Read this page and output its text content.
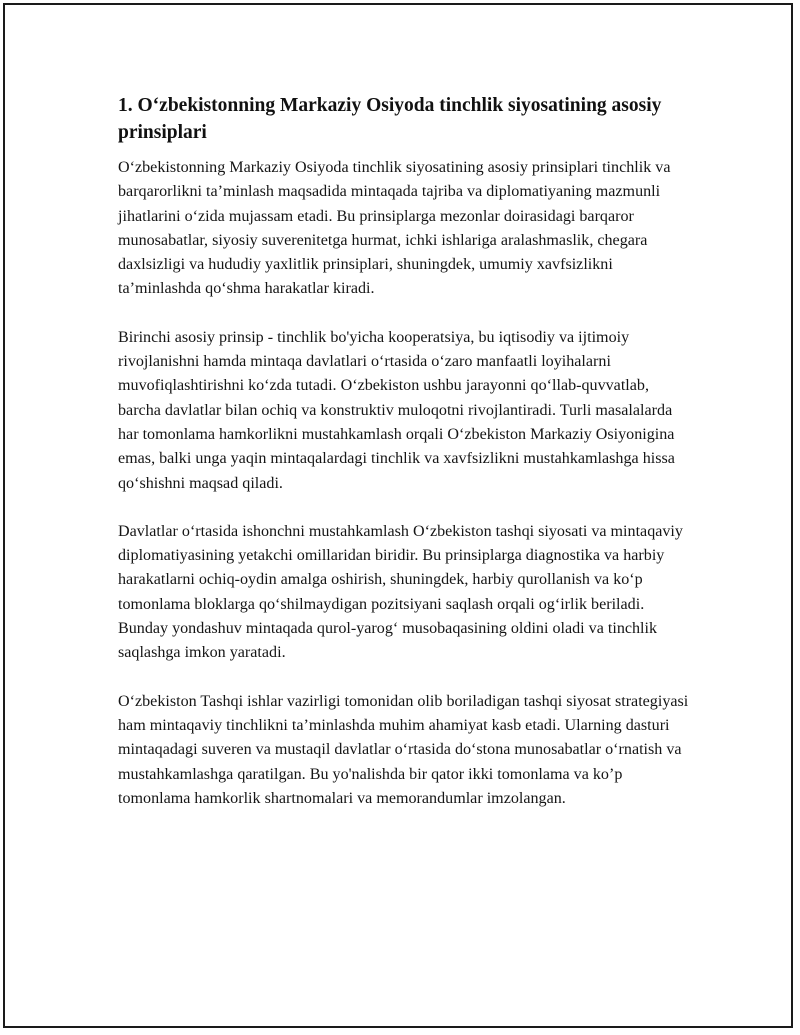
1. O‘zbekistonning Markaziy Osiyoda tinchlik siyosatining asosiy prinsiplari

O‘zbekistonning Markaziy Osiyoda tinchlik siyosatining asosiy prinsiplari tinchlik va barqarorlikni ta’minlash maqsadida mintaqada tajriba va diplomatiyaning mazmunli jihatlarini o‘zida mujassam etadi. Bu prinsiplarga mezonlar doirasidagi barqaror munosabatlar, siyosiy suverenitetga hurmat, ichki ishlariga aralashmaslik, chegara daxlsizligi va hududiy yaxlitlik prinsiplari, shuningdek, umumiy xavfsizlikni ta’minlashda qo‘shma harakatlar kiradi.

Birinchi asosiy prinsip - tinchlik bo'yicha kooperatsiya, bu iqtisodiy va ijtimoiy rivojlanishni hamda mintaqa davlatlari o‘rtasida o‘zaro manfaatli loyihalarni muvofiqlashtirishni ko‘zda tutadi. O‘zbekiston ushbu jarayonni qo‘llab-quvvatlab, barcha davlatlar bilan ochiq va konstruktiv muloqotni rivojlantiradi. Turli masalalarda har tomonlama hamkorlikni mustahkamlash orqali O‘zbekiston Markaziy Osiyonigina emas, balki unga yaqin mintaqalardagi tinchlik va xavfsizlikni mustahkamlashga hissa qo‘shishni maqsad qiladi.

Davlatlar o‘rtasida ishonchni mustahkamlash O‘zbekiston tashqi siyosati va mintaqaviy diplomatiyasining yetakchi omillaridan biridir. Bu prinsiplarga diagnostika va harbiy harakatlarni ochiq-oydin amalga oshirish, shuningdek, harbiy qurollanish va ko‘p tomonlama bloklarga qo‘shilmaydigan pozitsiyani saqlash orqali og‘irlik beriladi. Bunday yondashuv mintaqada qurol-yarog‘ musobaqasining oldini oladi va tinchlik saqlashga imkon yaratadi.

O‘zbekiston Tashqi ishlar vazirligi tomonidan olib boriladigan tashqi siyosat strategiyasi ham mintaqaviy tinchlikni ta’minlashda muhim ahamiyat kasb etadi. Ularning dasturi mintaqadagi suveren va mustaqil davlatlar o‘rtasida do‘stona munosabatlar o‘rnatish va mustahkamlashga qaratilgan. Bu yo'nalishda bir qator ikki tomonlama va ko’p tomonlama hamkorlik shartnomalari va memorandumlar imzolangan.
